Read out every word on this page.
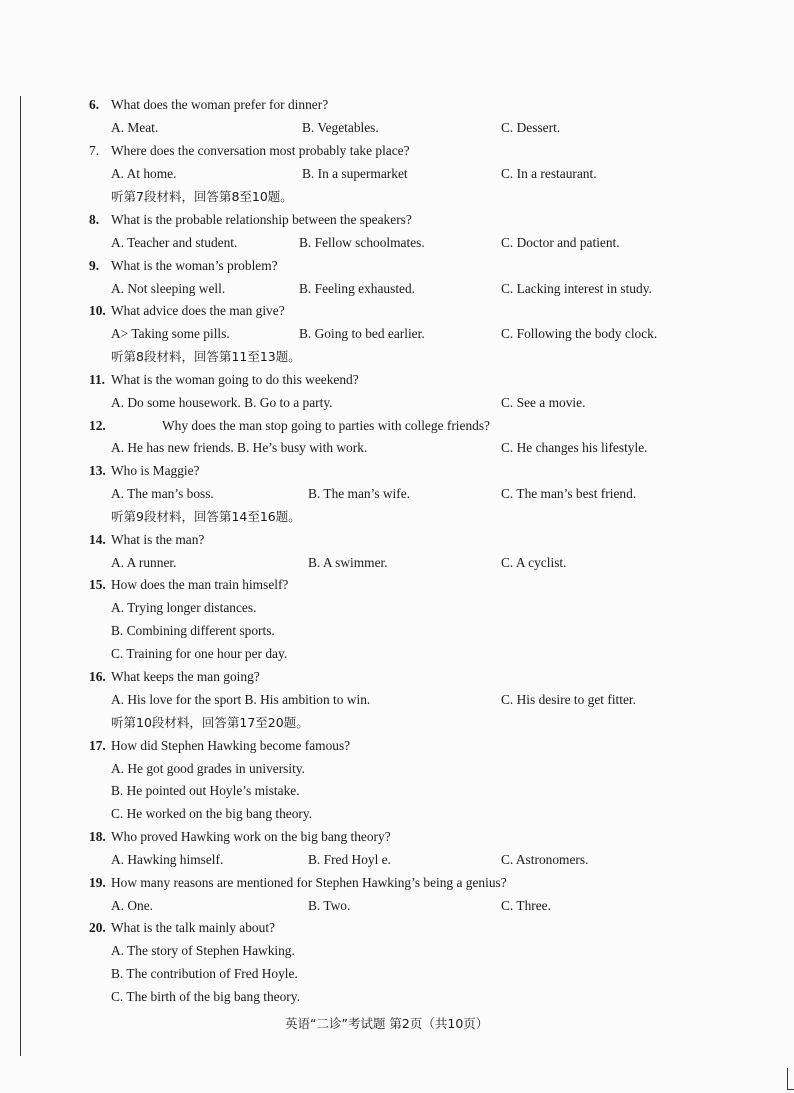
6. What does the woman prefer for dinner?
A. Meat.	B. Vegetables.	C. Dessert.
7. Where does the conversation most probably take place?
A. At home.	B. In a supermarket	C. In a restaurant.
听第7段材料，回答第8至10题。
8. What is the probable relationship between the speakers?
A. Teacher and student.	B. Fellow schoolmates.	C. Doctor and patient.
9. What is the woman’s problem?
A. Not sleeping well.	B. Feeling exhausted.	C. Lacking interest in study.
10. What advice does the man give?
A> Taking some pills.	B. Going to bed earlier.	C. Following the body clock.
听第8段材料，回答第11至13题。
11. What is the woman going to do this weekend?
A. Do some housework. B. Go to a party.	C. See a movie.
12.	Why does the man stop going to parties with college friends?
A. He has new friends. B. He’s busy with work.	C. He changes his lifestyle.
13. Who is Maggie?
A. The man’s boss.	B. The man’s wife.	C. The man’s best friend.
听第9段材料，回答第14至16题。
14. What is the man?
A. A runner.	B. A swimmer.	C. A cyclist.
15. How does the man train himself?
A. Trying longer distances.
B. Combining different sports.
C. Training for one hour per day.
16. What keeps the man going?
A. His love for the sport B. His ambition to win.	C. His desire to get fitter.
听第10段材料，回答第17至20题。
17. How did Stephen Hawking become famous?
A. He got good grades in university.
B. He pointed out Hoyle’s mistake.
C. He worked on the big bang theory.
18. Who proved Hawking work on the big bang theory?
A. Hawking himself.	B. Fred Hoyl e.	C. Astronomers.
19. How many reasons are mentioned for Stephen Hawking’s being a genius?
A. One.	B. Two.	C. Three.
20. What is the talk mainly about?
A. The story of Stephen Hawking.
B. The contribution of Fred Hoyle.
C. The birth of the big bang theory.
英语“二诊”考试题 第2页（共10页）
